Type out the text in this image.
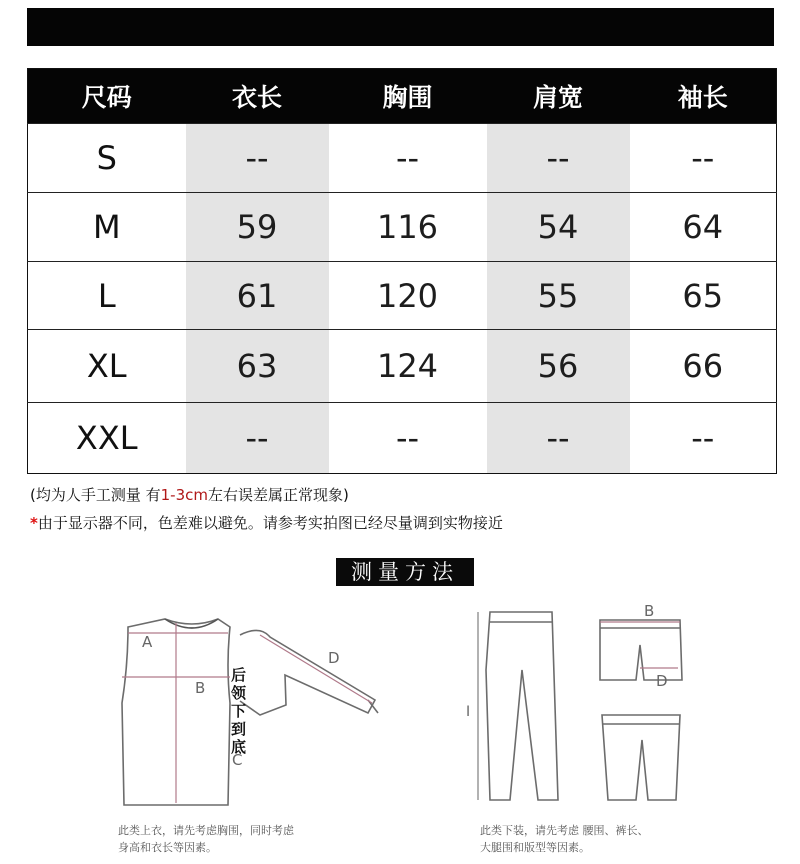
尺码	衣长	胸围	肩宽	袖长
S	--	--	--	--
M	59	116	54	64
L	61	120	55	65
XL	63	124	56	66
XXL	--	--	--	--
(均为人手工测量 有1-3cm左右误差属正常现象)
*由于显示器不同，色差难以避免。请参考实拍图已经尽量调到实物接近
测量方法
A
B
C
D
后领下到底
I
B
D
此类上衣，请先考虑胸围，同时考虑
身高和衣长等因素。
此类下装，请先考虑 腰围、裤长、
大腿围和版型等因素。
